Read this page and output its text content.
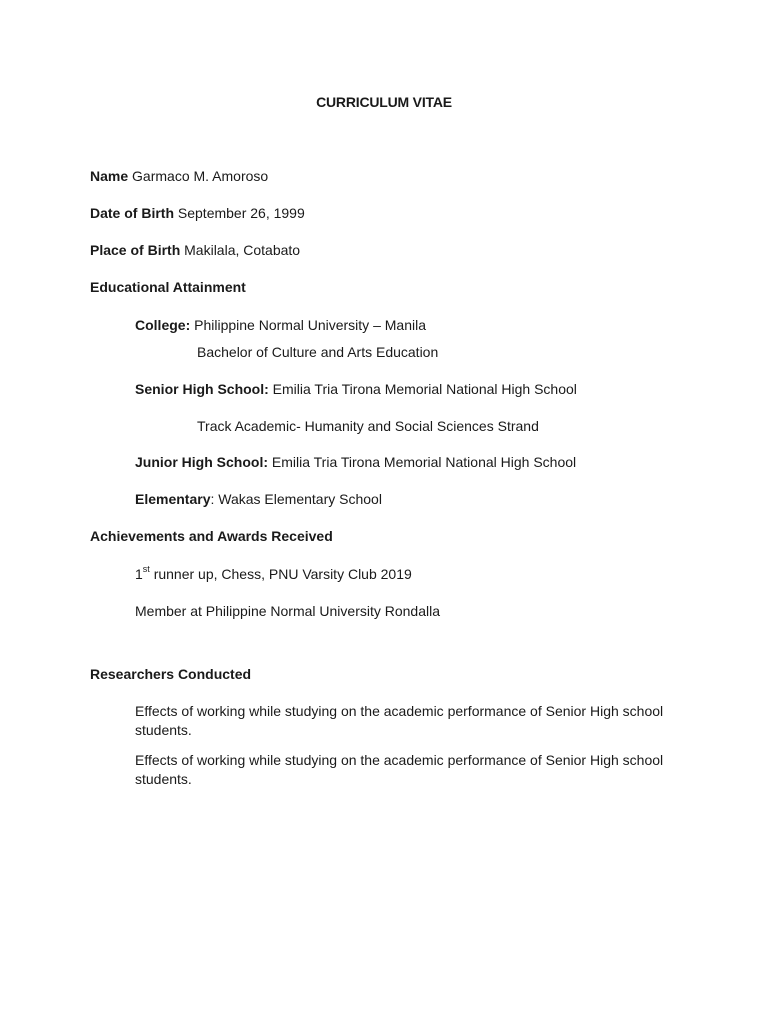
CURRICULUM VITAE
Name Garmaco M. Amoroso
Date of Birth September 26, 1999
Place of Birth Makilala, Cotabato
Educational Attainment
College: Philippine Normal University – Manila
Bachelor of Culture and Arts Education
Senior High School: Emilia Tria Tirona Memorial National High School
Track Academic- Humanity and Social Sciences Strand
Junior High School: Emilia Tria Tirona Memorial National High School
Elementary: Wakas Elementary School
Achievements and Awards Received
1st runner up, Chess, PNU Varsity Club 2019
Member at Philippine Normal University Rondalla
Researchers Conducted
Effects of working while studying on the academic performance of Senior High school students.
Effects of working while studying on the academic performance of Senior High school students.
